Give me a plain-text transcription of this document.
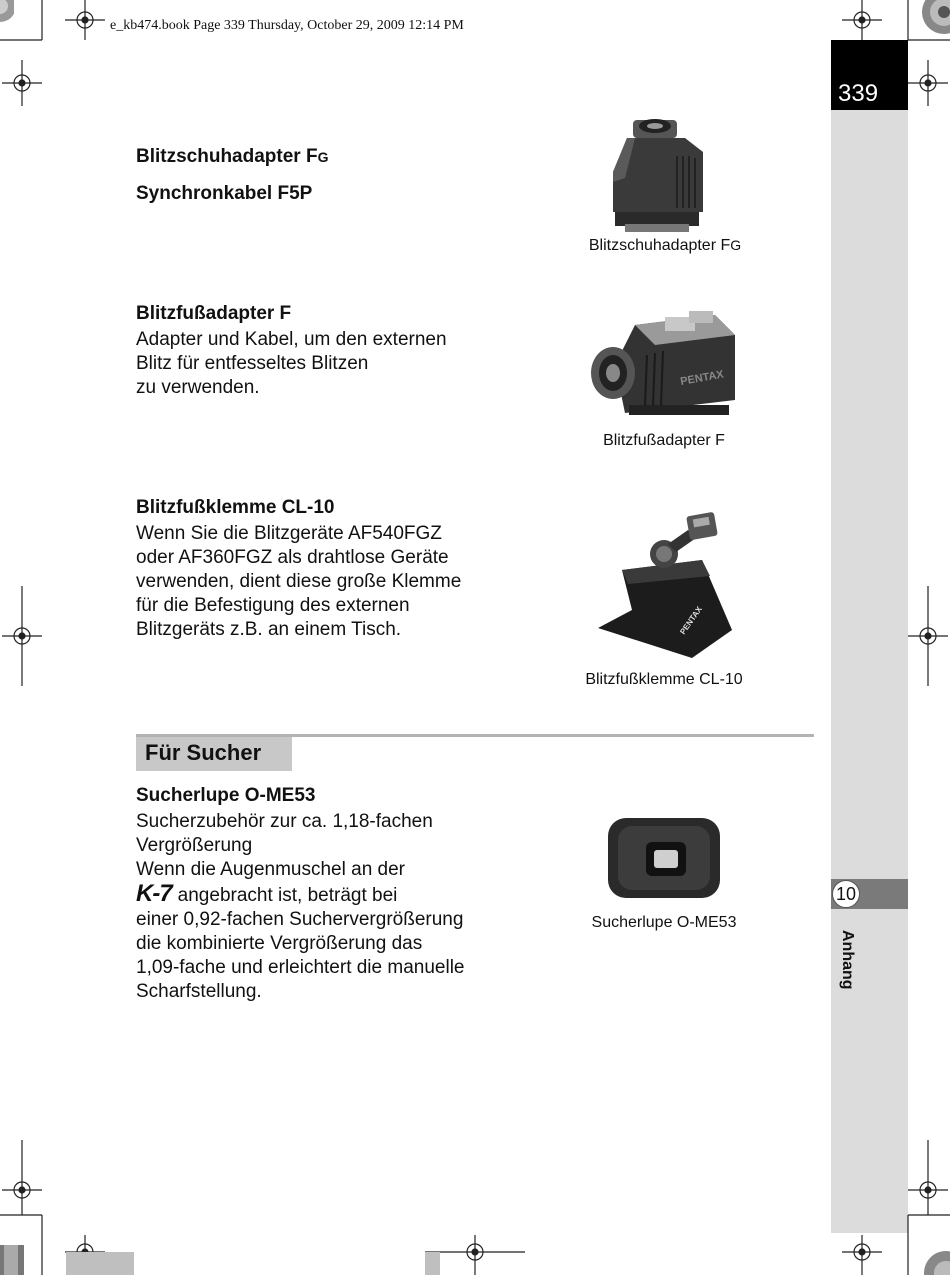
e_kb474.book Page 339 Thursday, October 29, 2009 12:14 PM
339
10
Anhang
Blitzschuhadapter FG
Synchronkabel F5P
Blitzschuhadapter FG
Blitzfußadapter F
Adapter und Kabel, um den externen
Blitz für entfesseltes Blitzen
zu verwenden.	PENTAX
Blitzfußadapter F
Blitzfußklemme CL-10
Wenn Sie die Blitzgeräte AF540FGZ
oder AF360FGZ als drahtlose Geräte
verwenden, dient diese große Klemme
für die Befestigung des externen
Blitzgeräts z.B. an einem Tisch.	PENTAX
Blitzfußklemme CL-10
Für Sucher
Sucherlupe O-ME53
Sucherzubehör zur ca. 1,18-fachen
Vergrößerung
Wenn die Augenmuschel an der
K-7 angebracht ist, beträgt bei
einer 0,92-fachen Suchervergrößerung
die kombinierte Vergrößerung das
1,09-fache und erleichtert die manuelle
Scharfstellung.
Sucherlupe O-ME53
